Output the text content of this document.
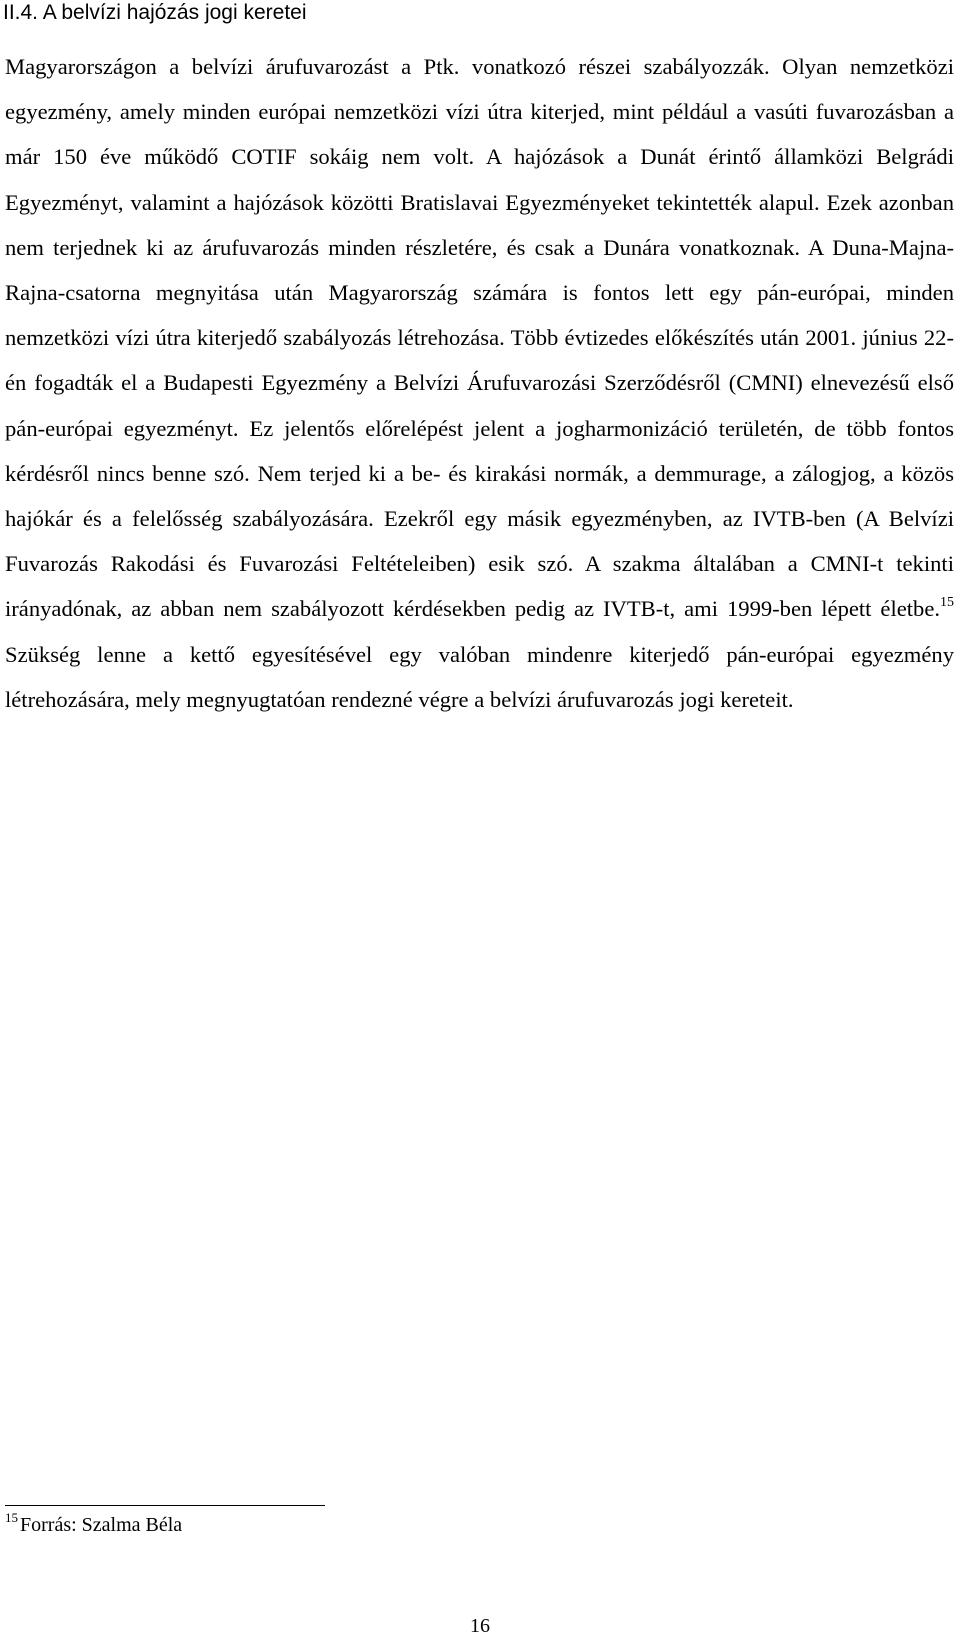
II.4. A belvízi hajózás jogi keretei
Magyarországon a belvízi árufuvarozást a Ptk. vonatkozó részei szabályozzák. Olyan nemzetközi egyezmény, amely minden európai nemzetközi vízi útra kiterjed, mint például a vasúti fuvarozásban a már 150 éve működő COTIF sokáig nem volt. A hajózások a Dunát érintő államközi Belgrádi Egyezményt, valamint a hajózások közötti Bratislavai Egyezményeket tekintették alapul. Ezek azonban nem terjednek ki az árufuvarozás minden részletére, és csak a Dunára vonatkoznak. A Duna-Majna-Rajna-csatorna megnyitása után Magyarország számára is fontos lett egy pán-európai, minden nemzetközi vízi útra kiterjedő szabályozás létrehozása. Több évtizedes előkészítés után 2001. június 22-én fogadták el a Budapesti Egyezmény a Belvízi Árufuvarozási Szerződésről (CMNI) elnevezésű első pán-európai egyezményt. Ez jelentős előrelépést jelent a jogharmonizáció területén, de több fontos kérdésről nincs benne szó. Nem terjed ki a be- és kirakási normák, a demmurage, a zálogjog, a közös hajókár és a felelősség szabályozására. Ezekről egy másik egyezményben, az IVTB-ben (A Belvízi Fuvarozás Rakodási és Fuvarozási Feltételeiben) esik szó. A szakma általában a CMNI-t tekinti irányadónak, az abban nem szabályozott kérdésekben pedig az IVTB-t, ami 1999-ben lépett életbe.$^{15}$ Szükség lenne a kettő egyesítésével egy valóban mindenre kiterjedő pán-európai egyezmény létrehozására, mely megnyugtatóan rendezné végre a belvízi árufuvarozás jogi kereteit.
$^{15}$ Forrás: Szalma Béla
16
